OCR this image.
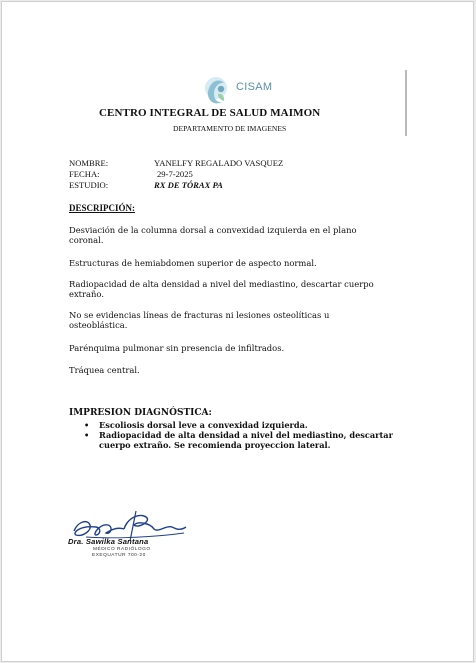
CISAM
CENTRO INTEGRAL DE SALUD MAIMON
DEPARTAMENTO DE IMAGENES
NOMBRE:	YANELFY REGALADO VASQUEZ
FECHA:	29-7-2025
ESTUDIO:	RX DE TÓRAX PA
DESCRIPCIÓN:
Desviación de la columna dorsal a convexidad izquierda en el plano coronal.
Estructuras de hemiabdomen superior de aspecto normal.
Radiopacidad de alta densidad a nivel del mediastino, descartar cuerpo extraño.
No se evidencias líneas de fracturas ni lesiones osteolíticas u osteoblástica.
Parénquima pulmonar sin presencia de infiltrados.
Tráquea central.
IMPRESION DIAGNÓSTICA:
• Escoliosis dorsal leve a convexidad izquierda.
• Radiopacidad de alta densidad a nivel del mediastino, descartar cuerpo extraño. Se recomienda proyeccion lateral.
Dra. Sawilka Santana
MÉDICO RADIÓLOGO
EXEQUATUR 700-20
